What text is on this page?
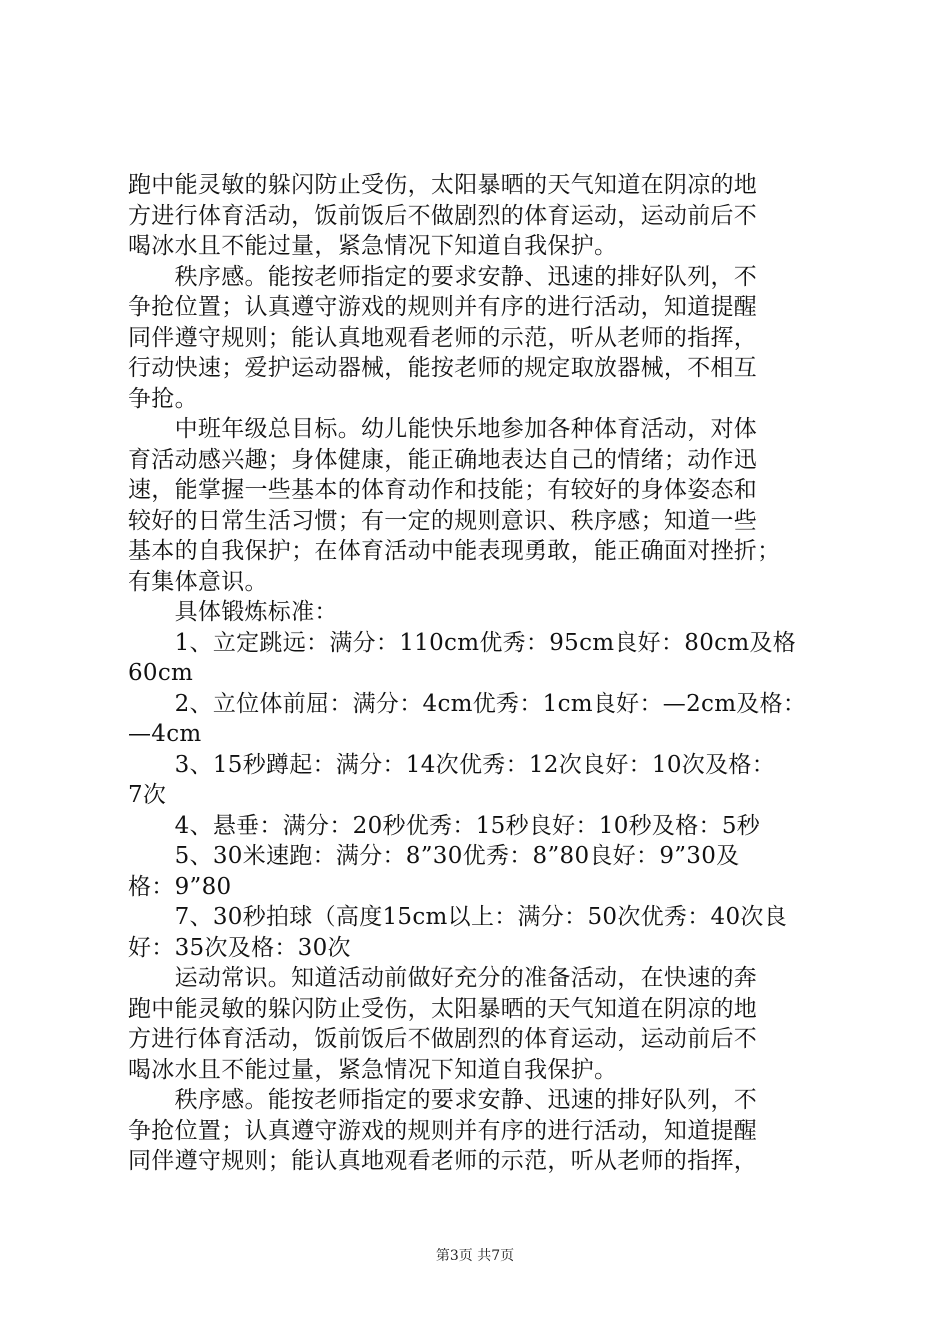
跑中能灵敏的躲闪防止受伤，太阳暴晒的天气知道在阴凉的地
方进行体育活动，饭前饭后不做剧烈的体育运动，运动前后不
喝冰水且不能过量，紧急情况下知道自我保护。
　　秩序感。能按老师指定的要求安静、迅速的排好队列，不
争抢位置；认真遵守游戏的规则并有序的进行活动，知道提醒
同伴遵守规则；能认真地观看老师的示范，听从老师的指挥，
行动快速；爱护运动器械，能按老师的规定取放器械，不相互
争抢。
　　中班年级总目标。幼儿能快乐地参加各种体育活动，对体
育活动感兴趣；身体健康，能正确地表达自己的情绪；动作迅
速，能掌握一些基本的体育动作和技能；有较好的身体姿态和
较好的日常生活习惯；有一定的规则意识、秩序感；知道一些
基本的自我保护；在体育活动中能表现勇敢，能正确面对挫折；
有集体意识。
　　具体锻炼标准：
　　1、立定跳远：满分：110cm优秀：95cm良好：80cm及格
60cm
　　2、立位体前屈：满分：4cm优秀：1cm良好：—2cm及格：
—4cm
　　3、15秒蹲起：满分：14次优秀：12次良好：10次及格：
7次
　　4、悬垂：满分：20秒优秀：15秒良好：10秒及格：5秒
　　5、30米速跑：满分：8”30优秀：8”80良好：9”30及
格：9”80
　　7、30秒拍球（高度15cm以上：满分：50次优秀：40次良
好：35次及格：30次
　　运动常识。知道活动前做好充分的准备活动，在快速的奔
跑中能灵敏的躲闪防止受伤，太阳暴晒的天气知道在阴凉的地
方进行体育活动，饭前饭后不做剧烈的体育运动，运动前后不
喝冰水且不能过量，紧急情况下知道自我保护。
　　秩序感。能按老师指定的要求安静、迅速的排好队列，不
争抢位置；认真遵守游戏的规则并有序的进行活动，知道提醒
同伴遵守规则；能认真地观看老师的示范，听从老师的指挥，
第3页 共7页
